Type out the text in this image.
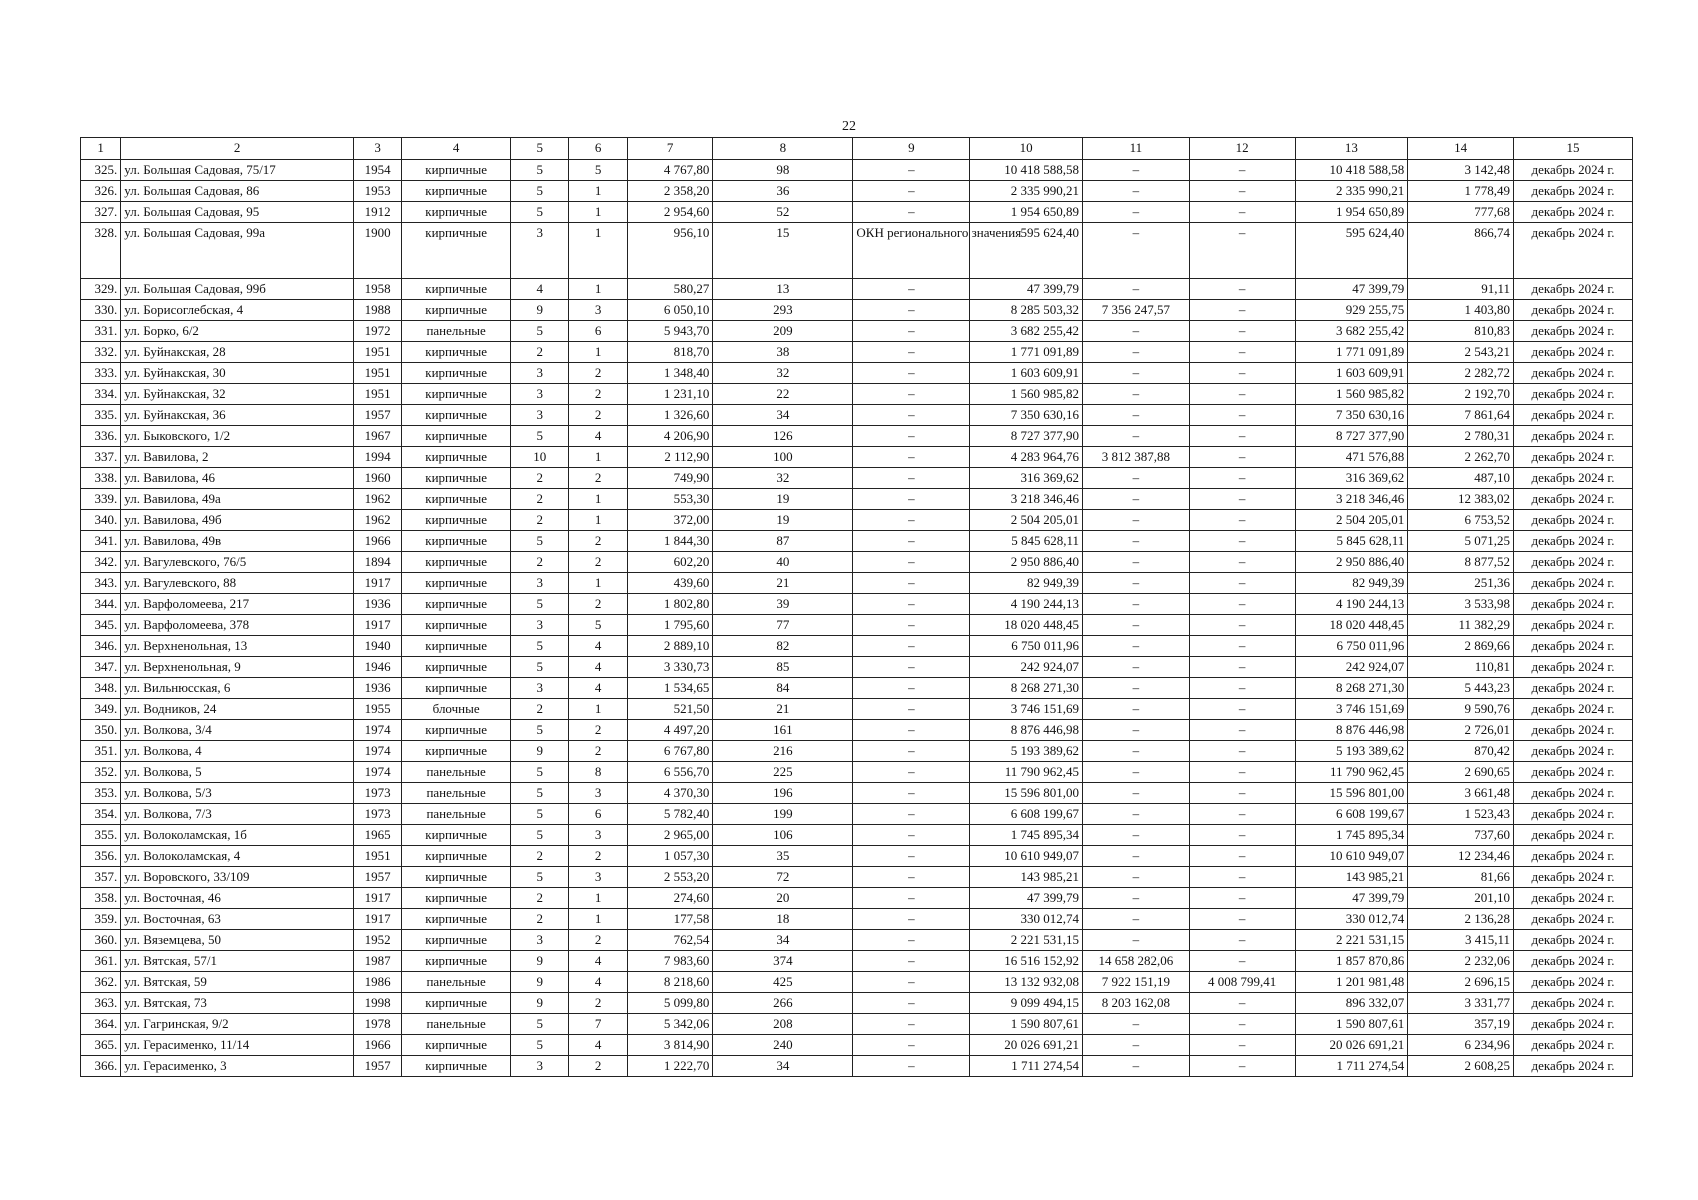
22
1	2	3	4	5	6	7	8	9	10	11	12	13	14	15
325.	ул. Большая Садовая, 75/17	1954	кирпичные	5	5	4 767,80	98	–	10 418 588,58	–	–	10 418 588,58	3 142,48	декабрь 2024 г.
326.	ул. Большая Садовая, 86	1953	кирпичные	5	1	2 358,20	36	–	2 335 990,21	–	–	2 335 990,21	1 778,49	декабрь 2024 г.
327.	ул. Большая Садовая, 95	1912	кирпичные	5	1	2 954,60	52	–	1 954 650,89	–	–	1 954 650,89	777,68	декабрь 2024 г.
328.	ул. Большая Садовая, 99а	1900	кирпичные	3	1	956,10	15	ОКН регионального значения	595 624,40	–	–	595 624,40	866,74	декабрь 2024 г.
329.	ул. Большая Садовая, 99б	1958	кирпичные	4	1	580,27	13	–	47 399,79	–	–	47 399,79	91,11	декабрь 2024 г.
330.	ул. Борисоглебская, 4	1988	кирпичные	9	3	6 050,10	293	–	8 285 503,32	7 356 247,57	–	929 255,75	1 403,80	декабрь 2024 г.
331.	ул. Борко, 6/2	1972	панельные	5	6	5 943,70	209	–	3 682 255,42	–	–	3 682 255,42	810,83	декабрь 2024 г.
332.	ул. Буйнакская, 28	1951	кирпичные	2	1	818,70	38	–	1 771 091,89	–	–	1 771 091,89	2 543,21	декабрь 2024 г.
333.	ул. Буйнакская, 30	1951	кирпичные	3	2	1 348,40	32	–	1 603 609,91	–	–	1 603 609,91	2 282,72	декабрь 2024 г.
334.	ул. Буйнакская, 32	1951	кирпичные	3	2	1 231,10	22	–	1 560 985,82	–	–	1 560 985,82	2 192,70	декабрь 2024 г.
335.	ул. Буйнакская, 36	1957	кирпичные	3	2	1 326,60	34	–	7 350 630,16	–	–	7 350 630,16	7 861,64	декабрь 2024 г.
336.	ул. Быковского, 1/2	1967	кирпичные	5	4	4 206,90	126	–	8 727 377,90	–	–	8 727 377,90	2 780,31	декабрь 2024 г.
337.	ул. Вавилова, 2	1994	кирпичные	10	1	2 112,90	100	–	4 283 964,76	3 812 387,88	–	471 576,88	2 262,70	декабрь 2024 г.
338.	ул. Вавилова, 46	1960	кирпичные	2	2	749,90	32	–	316 369,62	–	–	316 369,62	487,10	декабрь 2024 г.
339.	ул. Вавилова, 49а	1962	кирпичные	2	1	553,30	19	–	3 218 346,46	–	–	3 218 346,46	12 383,02	декабрь 2024 г.
340.	ул. Вавилова, 49б	1962	кирпичные	2	1	372,00	19	–	2 504 205,01	–	–	2 504 205,01	6 753,52	декабрь 2024 г.
341.	ул. Вавилова, 49в	1966	кирпичные	5	2	1 844,30	87	–	5 845 628,11	–	–	5 845 628,11	5 071,25	декабрь 2024 г.
342.	ул. Вагулевского, 76/5	1894	кирпичные	2	2	602,20	40	–	2 950 886,40	–	–	2 950 886,40	8 877,52	декабрь 2024 г.
343.	ул. Вагулевского, 88	1917	кирпичные	3	1	439,60	21	–	82 949,39	–	–	82 949,39	251,36	декабрь 2024 г.
344.	ул. Варфоломеева, 217	1936	кирпичные	5	2	1 802,80	39	–	4 190 244,13	–	–	4 190 244,13	3 533,98	декабрь 2024 г.
345.	ул. Варфоломеева, 378	1917	кирпичные	3	5	1 795,60	77	–	18 020 448,45	–	–	18 020 448,45	11 382,29	декабрь 2024 г.
346.	ул. Верхненольная, 13	1940	кирпичные	5	4	2 889,10	82	–	6 750 011,96	–	–	6 750 011,96	2 869,66	декабрь 2024 г.
347.	ул. Верхненольная, 9	1946	кирпичные	5	4	3 330,73	85	–	242 924,07	–	–	242 924,07	110,81	декабрь 2024 г.
348.	ул. Вильнюсская, 6	1936	кирпичные	3	4	1 534,65	84	–	8 268 271,30	–	–	8 268 271,30	5 443,23	декабрь 2024 г.
349.	ул. Водников, 24	1955	блочные	2	1	521,50	21	–	3 746 151,69	–	–	3 746 151,69	9 590,76	декабрь 2024 г.
350.	ул. Волкова, 3/4	1974	кирпичные	5	2	4 497,20	161	–	8 876 446,98	–	–	8 876 446,98	2 726,01	декабрь 2024 г.
351.	ул. Волкова, 4	1974	кирпичные	9	2	6 767,80	216	–	5 193 389,62	–	–	5 193 389,62	870,42	декабрь 2024 г.
352.	ул. Волкова, 5	1974	панельные	5	8	6 556,70	225	–	11 790 962,45	–	–	11 790 962,45	2 690,65	декабрь 2024 г.
353.	ул. Волкова, 5/3	1973	панельные	5	3	4 370,30	196	–	15 596 801,00	–	–	15 596 801,00	3 661,48	декабрь 2024 г.
354.	ул. Волкова, 7/3	1973	панельные	5	6	5 782,40	199	–	6 608 199,67	–	–	6 608 199,67	1 523,43	декабрь 2024 г.
355.	ул. Волоколамская, 1б	1965	кирпичные	5	3	2 965,00	106	–	1 745 895,34	–	–	1 745 895,34	737,60	декабрь 2024 г.
356.	ул. Волоколамская, 4	1951	кирпичные	2	2	1 057,30	35	–	10 610 949,07	–	–	10 610 949,07	12 234,46	декабрь 2024 г.
357.	ул. Воровского, 33/109	1957	кирпичные	5	3	2 553,20	72	–	143 985,21	–	–	143 985,21	81,66	декабрь 2024 г.
358.	ул. Восточная, 46	1917	кирпичные	2	1	274,60	20	–	47 399,79	–	–	47 399,79	201,10	декабрь 2024 г.
359.	ул. Восточная, 63	1917	кирпичные	2	1	177,58	18	–	330 012,74	–	–	330 012,74	2 136,28	декабрь 2024 г.
360.	ул. Вяземцева, 50	1952	кирпичные	3	2	762,54	34	–	2 221 531,15	–	–	2 221 531,15	3 415,11	декабрь 2024 г.
361.	ул. Вятская, 57/1	1987	кирпичные	9	4	7 983,60	374	–	16 516 152,92	14 658 282,06	–	1 857 870,86	2 232,06	декабрь 2024 г.
362.	ул. Вятская, 59	1986	панельные	9	4	8 218,60	425	–	13 132 932,08	7 922 151,19	4 008 799,41	1 201 981,48	2 696,15	декабрь 2024 г.
363.	ул. Вятская, 73	1998	кирпичные	9	2	5 099,80	266	–	9 099 494,15	8 203 162,08	–	896 332,07	3 331,77	декабрь 2024 г.
364.	ул. Гагринская, 9/2	1978	панельные	5	7	5 342,06	208	–	1 590 807,61	–	–	1 590 807,61	357,19	декабрь 2024 г.
365.	ул. Герасименко, 11/14	1966	кирпичные	5	4	3 814,90	240	–	20 026 691,21	–	–	20 026 691,21	6 234,96	декабрь 2024 г.
366.	ул. Герасименко, 3	1957	кирпичные	3	2	1 222,70	34	–	1 711 274,54	–	–	1 711 274,54	2 608,25	декабрь 2024 г.
